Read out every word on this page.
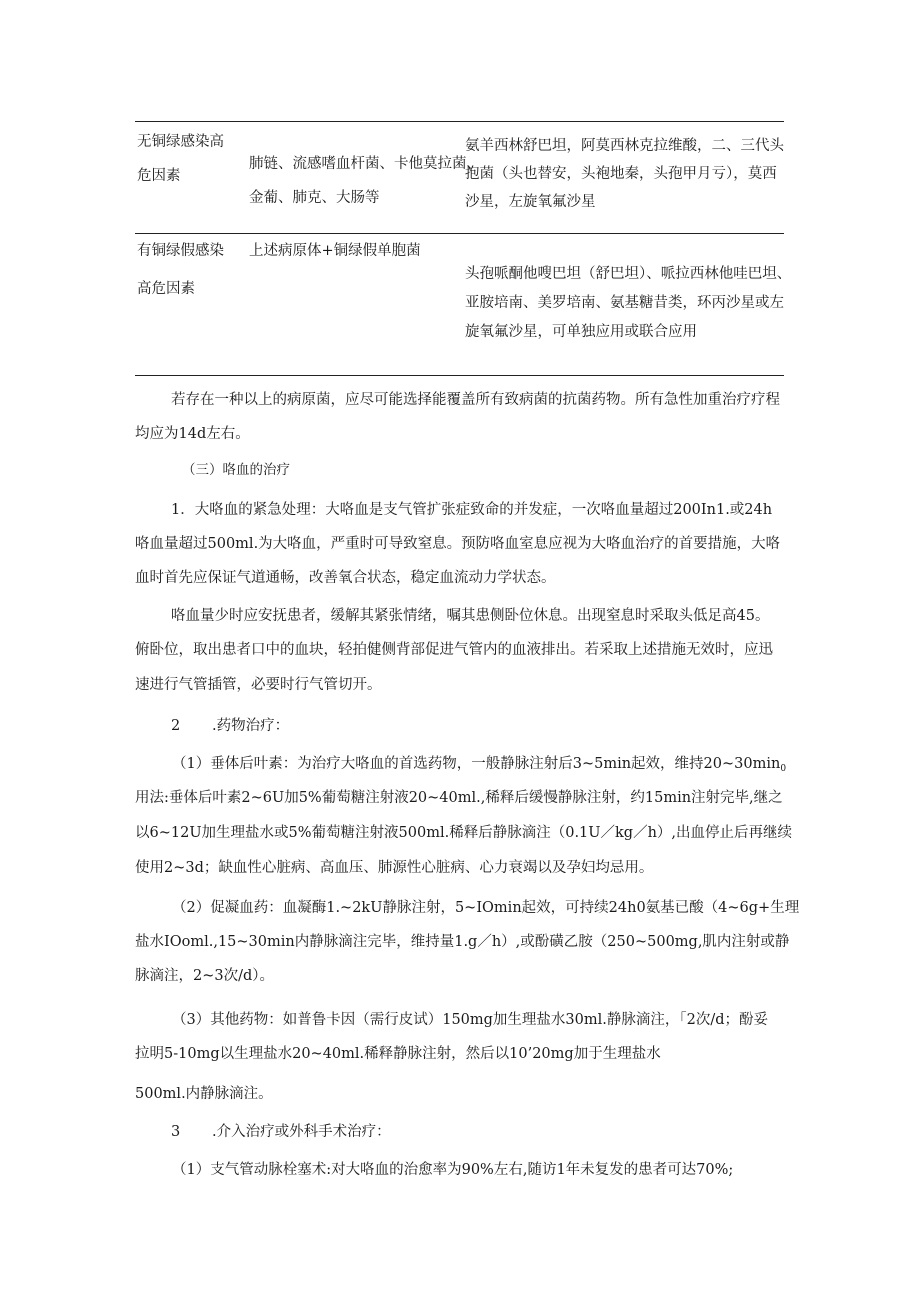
无铜绿感染高
危因素
肺链、流感嗜血杆菌、卡他莫拉菌、
金葡、肺克、大肠等
氨羊西林舒巴坦，阿莫西林克拉维酸，二、三代头
抱菌（头也替安，头袍地秦，头孢甲月亏），莫西
沙星，左旋氧氟沙星
有铜绿假感染
高危因素
上述病原体+铜绿假单胞菌
头孢哌酮他嗖巴坦（舒巴坦）、哌拉西林他哇巴坦、
亚胺培南、美罗培南、氨基糖昔类，环丙沙星或左
旋氧氟沙星，可单独应用或联合应用
若存在一种以上的病原菌，应尽可能选择能覆盖所有致病菌的抗菌药物。所有急性加重治疗疗程
均应为14d左右。
（三）咯血的治疗
1．大咯血的紧急处理：大咯血是支气管扩张症致命的并发症，一次咯血量超过200In1.或24h
咯血量超过500ml.为大咯血，严重时可导致窒息。预防咯血室息应视为大咯血治疗的首要措施，大咯
血时首先应保证气道通畅，改善氧合状态，稳定血流动力学状态。
咯血量少时应安抚患者，缓解其紧张情绪，嘱其患侧卧位休息。出现窒息时采取头低足高45。
俯卧位，取出患者口中的血块，轻拍健侧背部促进气管内的血液排出。若采取上述措施无效时，应迅
速进行气管插管，必要时行气管切开。
2 .药物治疗：
（1）垂体后叶素：为治疗大咯血的首选药物，一般静脉注射后3~5min起效，维持$20\sim 30\min_0$
用法:垂体后叶素2~6U加5%葡萄糖注射液20~40ml.,稀释后缓慢静脉注射，约15min注射完毕,继之
以6~12U加生理盐水或5%葡萄糖注射液500ml.稀释后静脉滴注（0.1U／kg／h）,出血停止后再继续
使用2~3d；缺血性心脏病、高血压、肺源性心脏病、心力衰竭以及孕妇均忌用。
（2）促凝血药：血凝酶1.~2kU静脉注射，5~IOmin起效，可持续24h0氨基已酸（4~6g+生理
盐水IOoml.,15~30min内静脉滴注完毕，维持量1.g／h）,或酚磺乙胺（250~500mg,肌内注射或静
脉滴注，2~3次/d）。
（3）其他药物：如普鲁卡因（需行皮试）150mg加生理盐水30ml.静脉滴注，「2次/d；酚妥
拉明5-10mg以生理盐水20~40ml.稀释静脉注射，然后以10’20mg加于生理盐水
500ml.内静脉滴注。
3 .介入治疗或外科手术治疗：
（1）支气管动脉栓塞术:对大咯血的治愈率为90%左右,随访1年未复发的患者可达70%;
